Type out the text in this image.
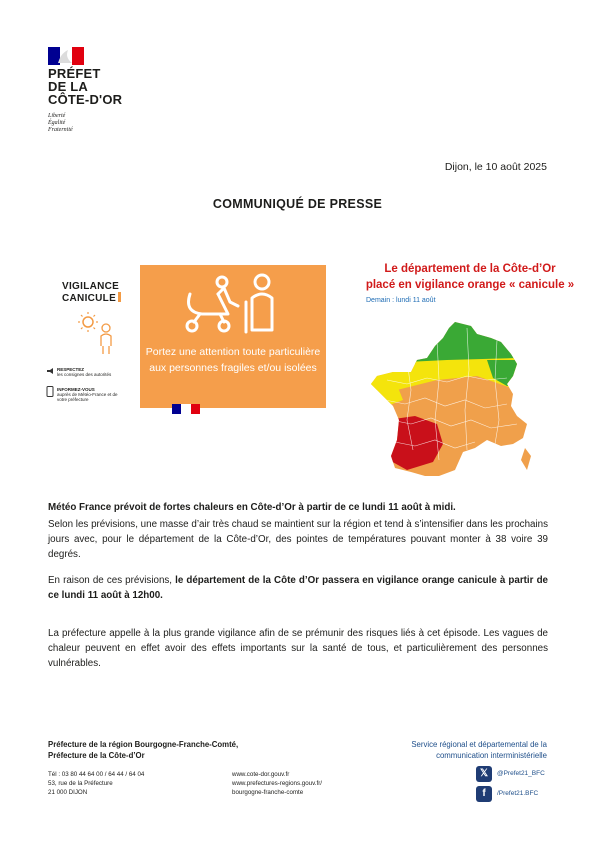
PRÉFET
DE LA
CÔTE-D'OR
Liberté
Égalité
Fraternité
Dijon, le 10 août 2025
COMMUNIQUÉ DE PRESSE
VIGILANCE
CANICULE
RESPECTEZ
les consignes des autorités
INFORMEZ-VOUS
auprès de Météo-France et de votre préfecture
Portez une attention toute particulière aux personnes fragiles et/ou isolées
Le département de la Côte-d’Or
placé en vigilance orange « canicule »
Demain : lundi 11 août
Météo France prévoit de fortes chaleurs en Côte-d’Or à partir de ce lundi 11 août à midi.
Selon les prévisions, une masse d’air très chaud se maintient sur la région et tend à s’intensifier dans les prochains jours avec, pour le département de la Côte-d’Or, des pointes de températures pouvant monter à 38 voire 39 degrés.
En raison de ces prévisions, le département de la Côte d’Or passera en vigilance orange canicule à partir de ce lundi 11 août à 12h00.
La préfecture appelle à la plus grande vigilance afin de se prémunir des risques liés à cet épisode. Les vagues de chaleur peuvent en effet avoir des effets importants sur la santé de tous, et particulièrement des personnes vulnérables.
Préfecture de la région Bourgogne-Franche-Comté,
Préfecture de la Côte-d’Or
Tél : 03 80 44 64 00 / 64 44 / 64 04
53, rue de la Préfecture
21 000 DIJON
www.cote-dor.gouv.fr
www.prefectures-regions.gouv.fr/
bourgogne-franche-comte
Service régional et départemental de la
communication interministérielle
𝕏	@Prefet21_BFC
f	/Prefet21.BFC
